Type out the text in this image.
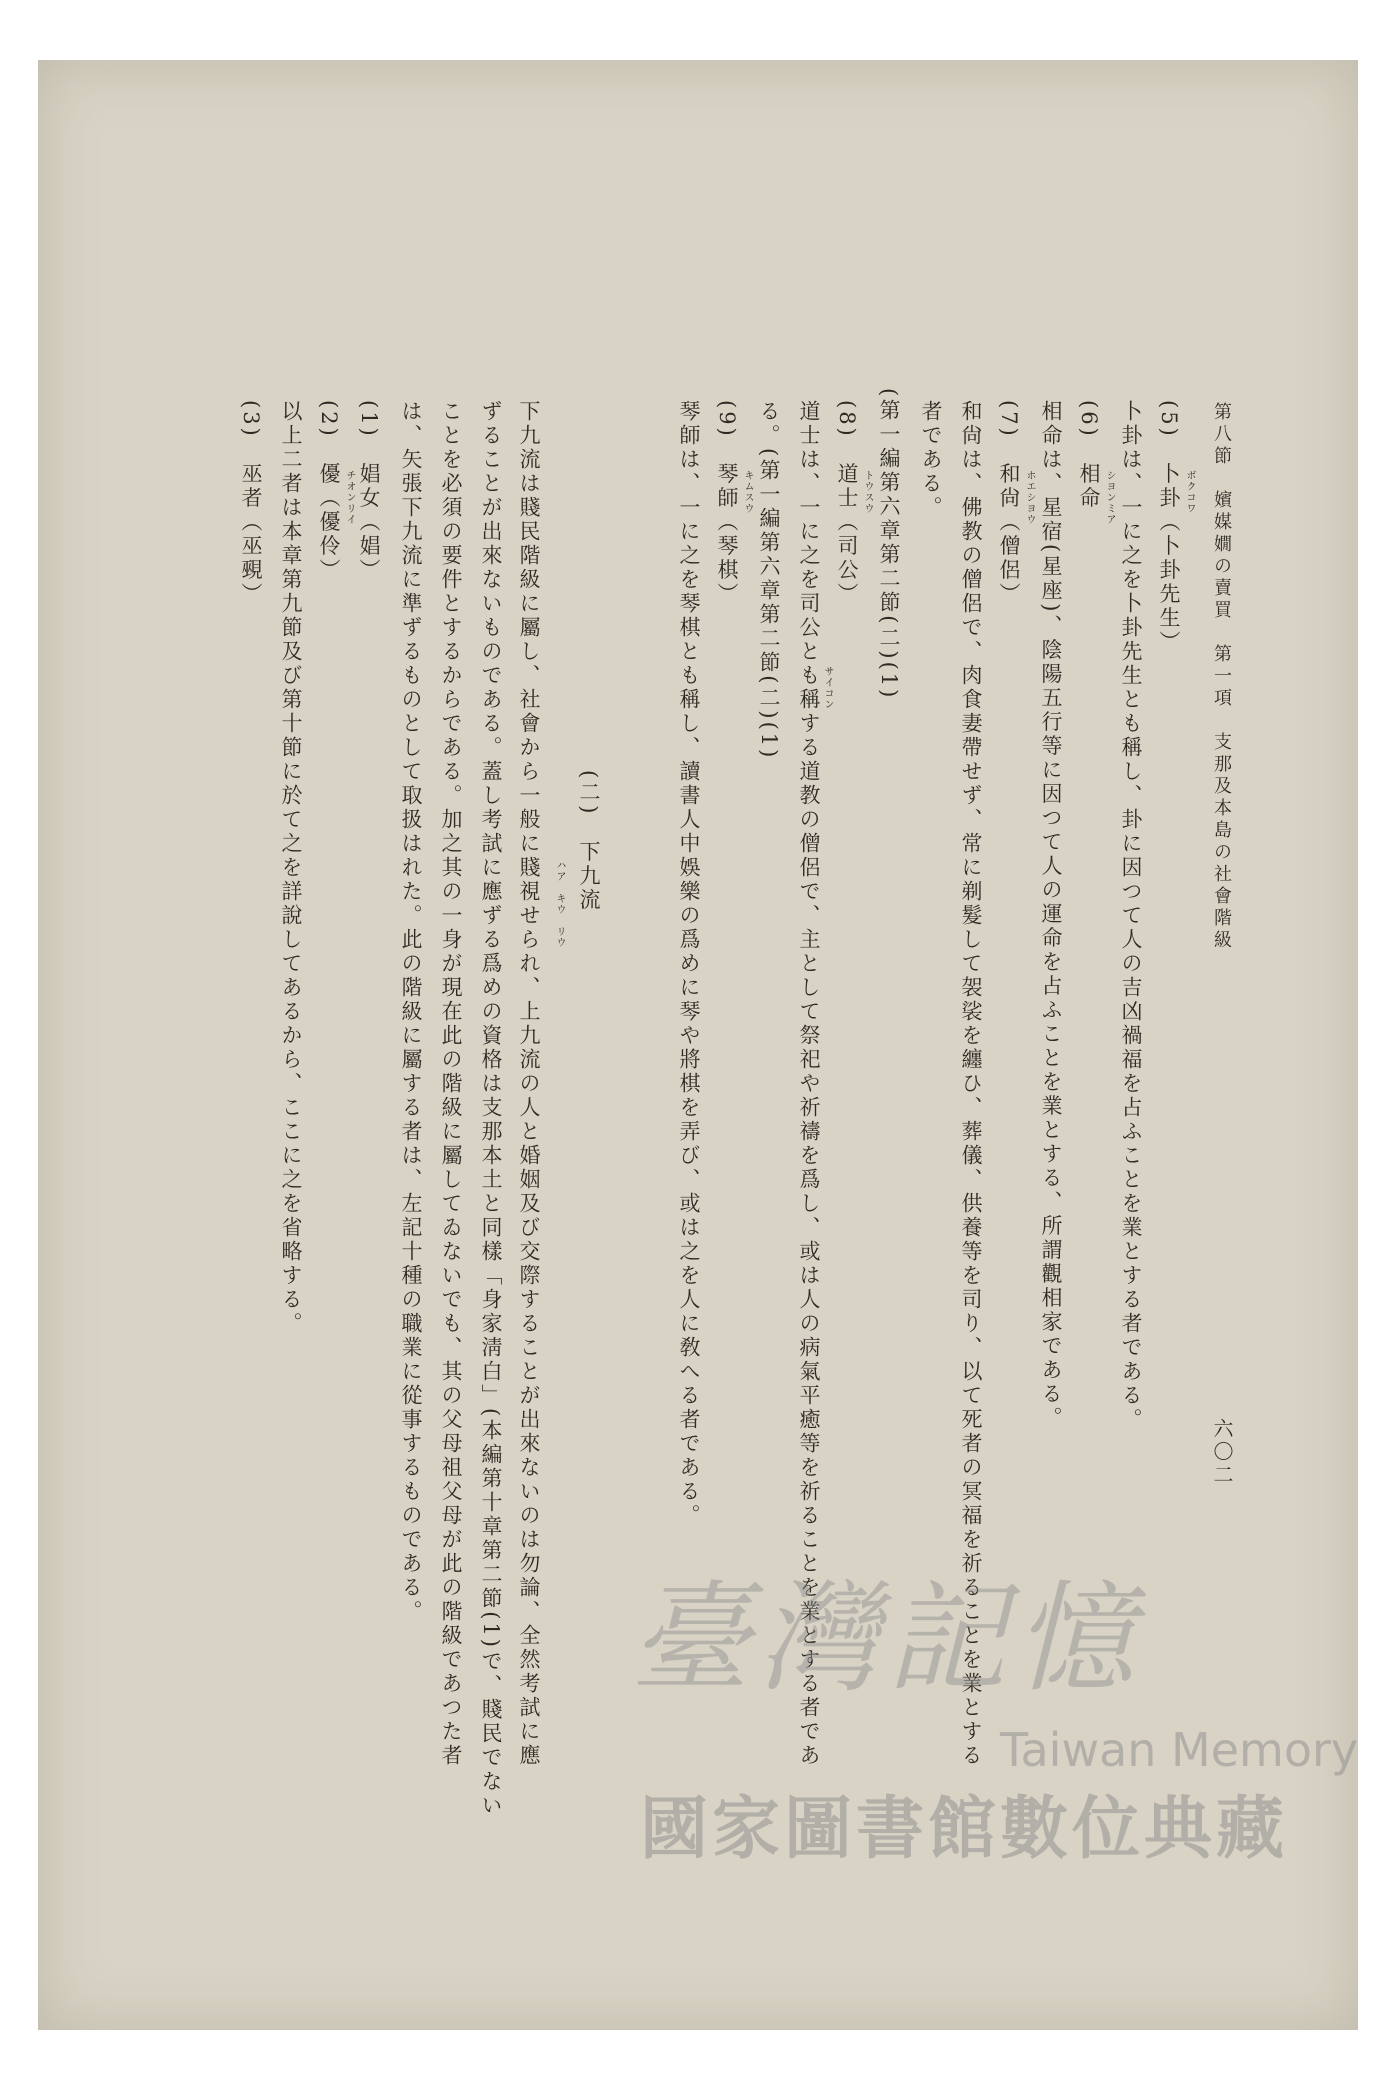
第八節　嬪媒嫺の賣買　第一項　支那及本島の社會階級
六〇二
(5)　卜卦（卜卦先生）
卜卦は、一に之を卜卦先生とも稱し、卦に因つて人の吉凶禍福を占ふことを業とする者である。
(6)　相命
相命は、星宿(星座)、陰陽五行等に因つて人の運命を占ふことを業とする、所謂觀相家である。
(7)　和尙（僧侶）
和尙は、佛教の僧侶で、肉食妻帶せず、常に剃髮して袈裟を纏ひ、葬儀、供養等を司り、以て死者の冥福を祈ることを業とする
者である。
(第一編第六章第二節(二)(1)
(8)　道士（司公）
道士は、一に之を司公とも稱する道教の僧侶で、主として祭祀や祈禱を爲し、或は人の病氣平癒等を祈ることを業とする者であ
る。(第一編第六章第二節(二)(1)
(9)　琴師（琴棋）
琴師は、一に之を琴棋とも稱し、讀書人中娛樂の爲めに琴や將棋を弄び、或は之を人に敎へる者である。
(二)　下九流
下九流は賤民階級に屬し、社會から一般に賤視せられ、上九流の人と婚姻及び交際することが出來ないのは勿論、全然考試に應
ずることが出來ないものである。蓋し考試に應ずる爲めの資格は支那本土と同樣「身家淸白」(本編第十章第二節(1)で、賤民でない
ことを必須の要件とするからである。加之其の一身が現在此の階級に屬してゐないでも、其の父母祖父母が此の階級であつた者
は、矢張下九流に準ずるものとして取扱はれた。此の階級に屬する者は、左記十種の職業に從事するものである。
(1)　娼女（娼）
(2)　優（優伶）
以上二者は本章第九節及び第十節に於て之を詳說してあるから、ここに之を省略する。
(3)　巫者（巫覡）	ボクコワ
シヨンミア
ホエシヨウ
トウスウ
サイコン
キムスウ
ハア　キウ　リウ
チオンリイ
臺灣記憶
Taiwan Memory
國家圖書館數位典藏
